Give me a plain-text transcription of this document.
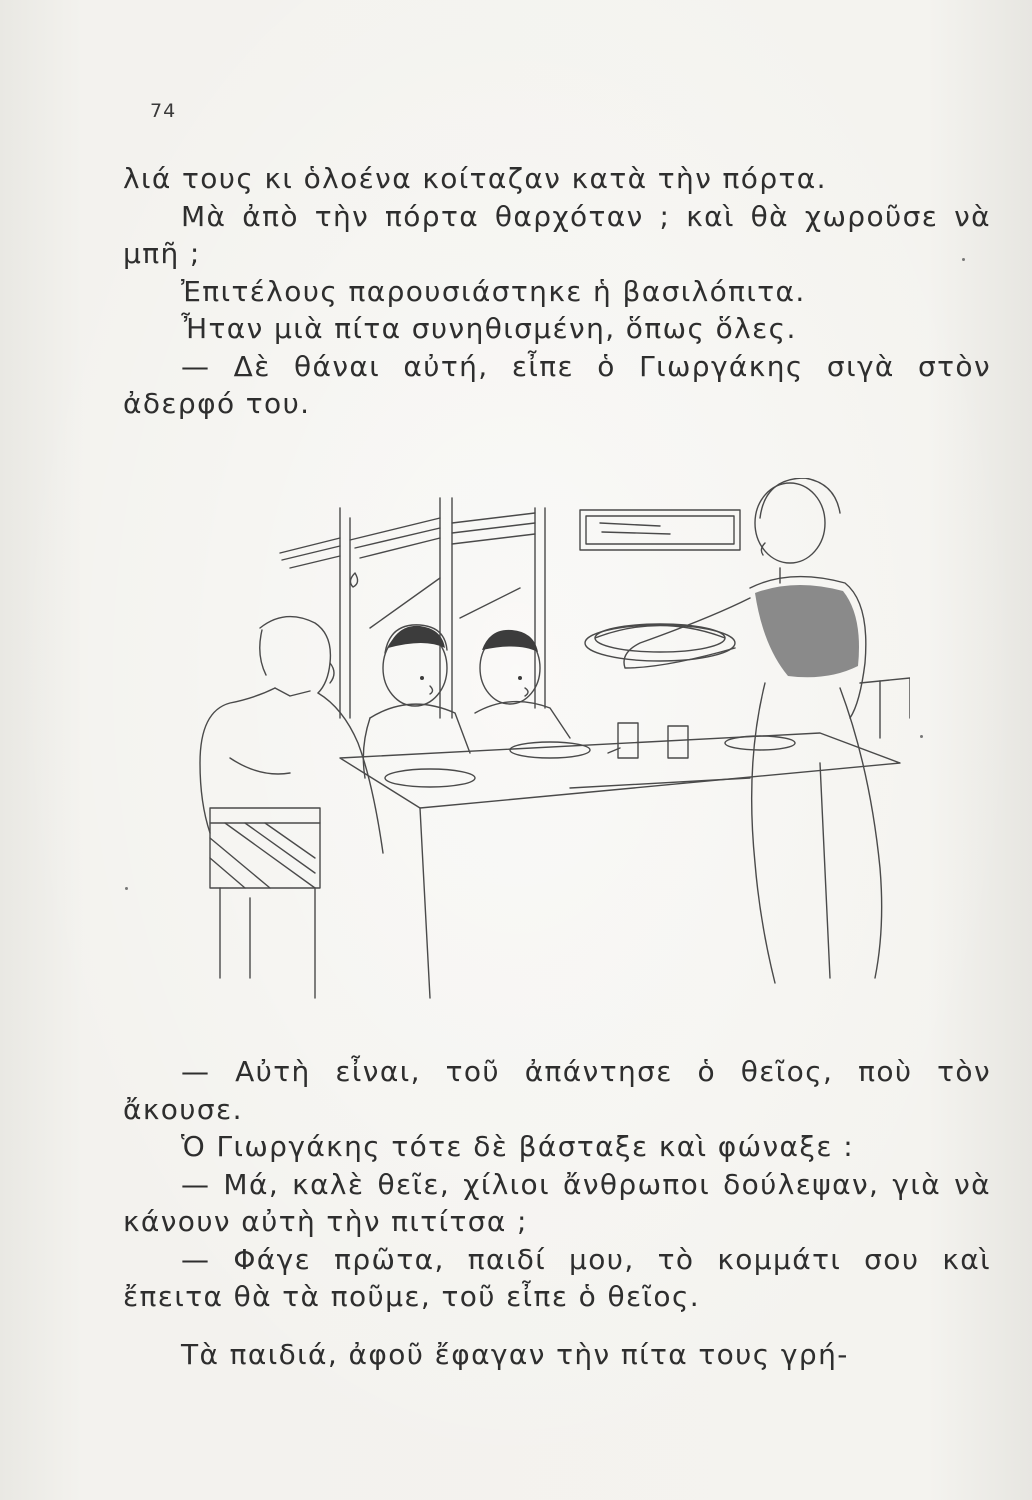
74

λιά τους κι ὁλοένα κοίταζαν κατὰ τὴν πόρτα.

Μὰ ἀπὸ τὴν πόρτα θαρχόταν ; καὶ θὰ χωροῦσε νὰ μπῆ ;

Ἐπιτέλους παρουσιάστηκε ἡ βασιλόπιτα.

Ἦταν μιὰ πίτα συνηθισμένη, ὅπως ὅλες.

— Δὲ θάναι αὐτή, εἶπε ὁ Γιωργάκης σιγὰ στὸν ἀδερφό του.

— Αὐτὴ εἶναι, τοῦ ἀπάντησε ὁ θεῖος, ποὺ τὸν ἄκουσε.

Ὁ Γιωργάκης τότε δὲ βάσταξε καὶ φώναξε :

— Μά, καλὲ θεῖε, χίλιοι ἄνθρωποι δούλεψαν, γιὰ νὰ κάνουν αὐτὴ τὴν πιτίτσα ;

— Φάγε πρῶτα, παιδί μου, τὸ κομμάτι σου καὶ ἔπειτα θὰ τὰ ποῦμε, τοῦ εἶπε ὁ θεῖος.

Τὰ παιδιά, ἀφοῦ ἔφαγαν τὴν πίτα τους γρή-
